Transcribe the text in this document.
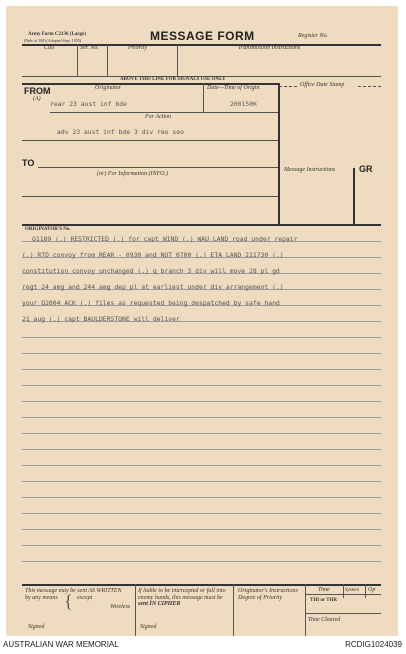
Army Form C2136 (Large)
(Pads of 100) (Adopted Sept. 1955)	MESSAGE FORM	Register No.
Call	Ser. No.	Priority	Transmission Instructions
ABOVE THIS LINE FOR SIGNALS USE ONLY
FROM
(A)
Originator	Date—Time of Origin
rear 23 aust inf bde	200150K
For Action
adv 23 aust inf bde 3 div reo seo
TO
(or) For Information (INFO.)
Office Date Stamp
Message Instructions	GR
ORIGINATOR'S No.
Q1189 (.) RESTRICTED (.) for capt WIND (.) WAU LAND road under repair
(.) RTD convoy from REAR - 0930 and NOT 0700 (.) ETA LAND 211730 (.)
constitution convoy unchanged (.) q branch 3 div will move 28 pl gd
regt 24 amg and 244 amg dep pl at earliest under div arrangement (.)
your Q2004 ACK (.) files as requested being despatched by safe hand
21 aug (.) capt BAULDERSTONE will deliver
This message may be sent AS WRITTEN
by any means { except
Wireless
If liable to be intercepted or fall into
enemy hands, this message must be
sent IN CIPHER
Originator's Instructions
Degree of Priority
Time	System Op
THI or THR
Time Cleared
Signed	Signed
AUSTRALIAN WAR MEMORIAL	RCDIG1024039
